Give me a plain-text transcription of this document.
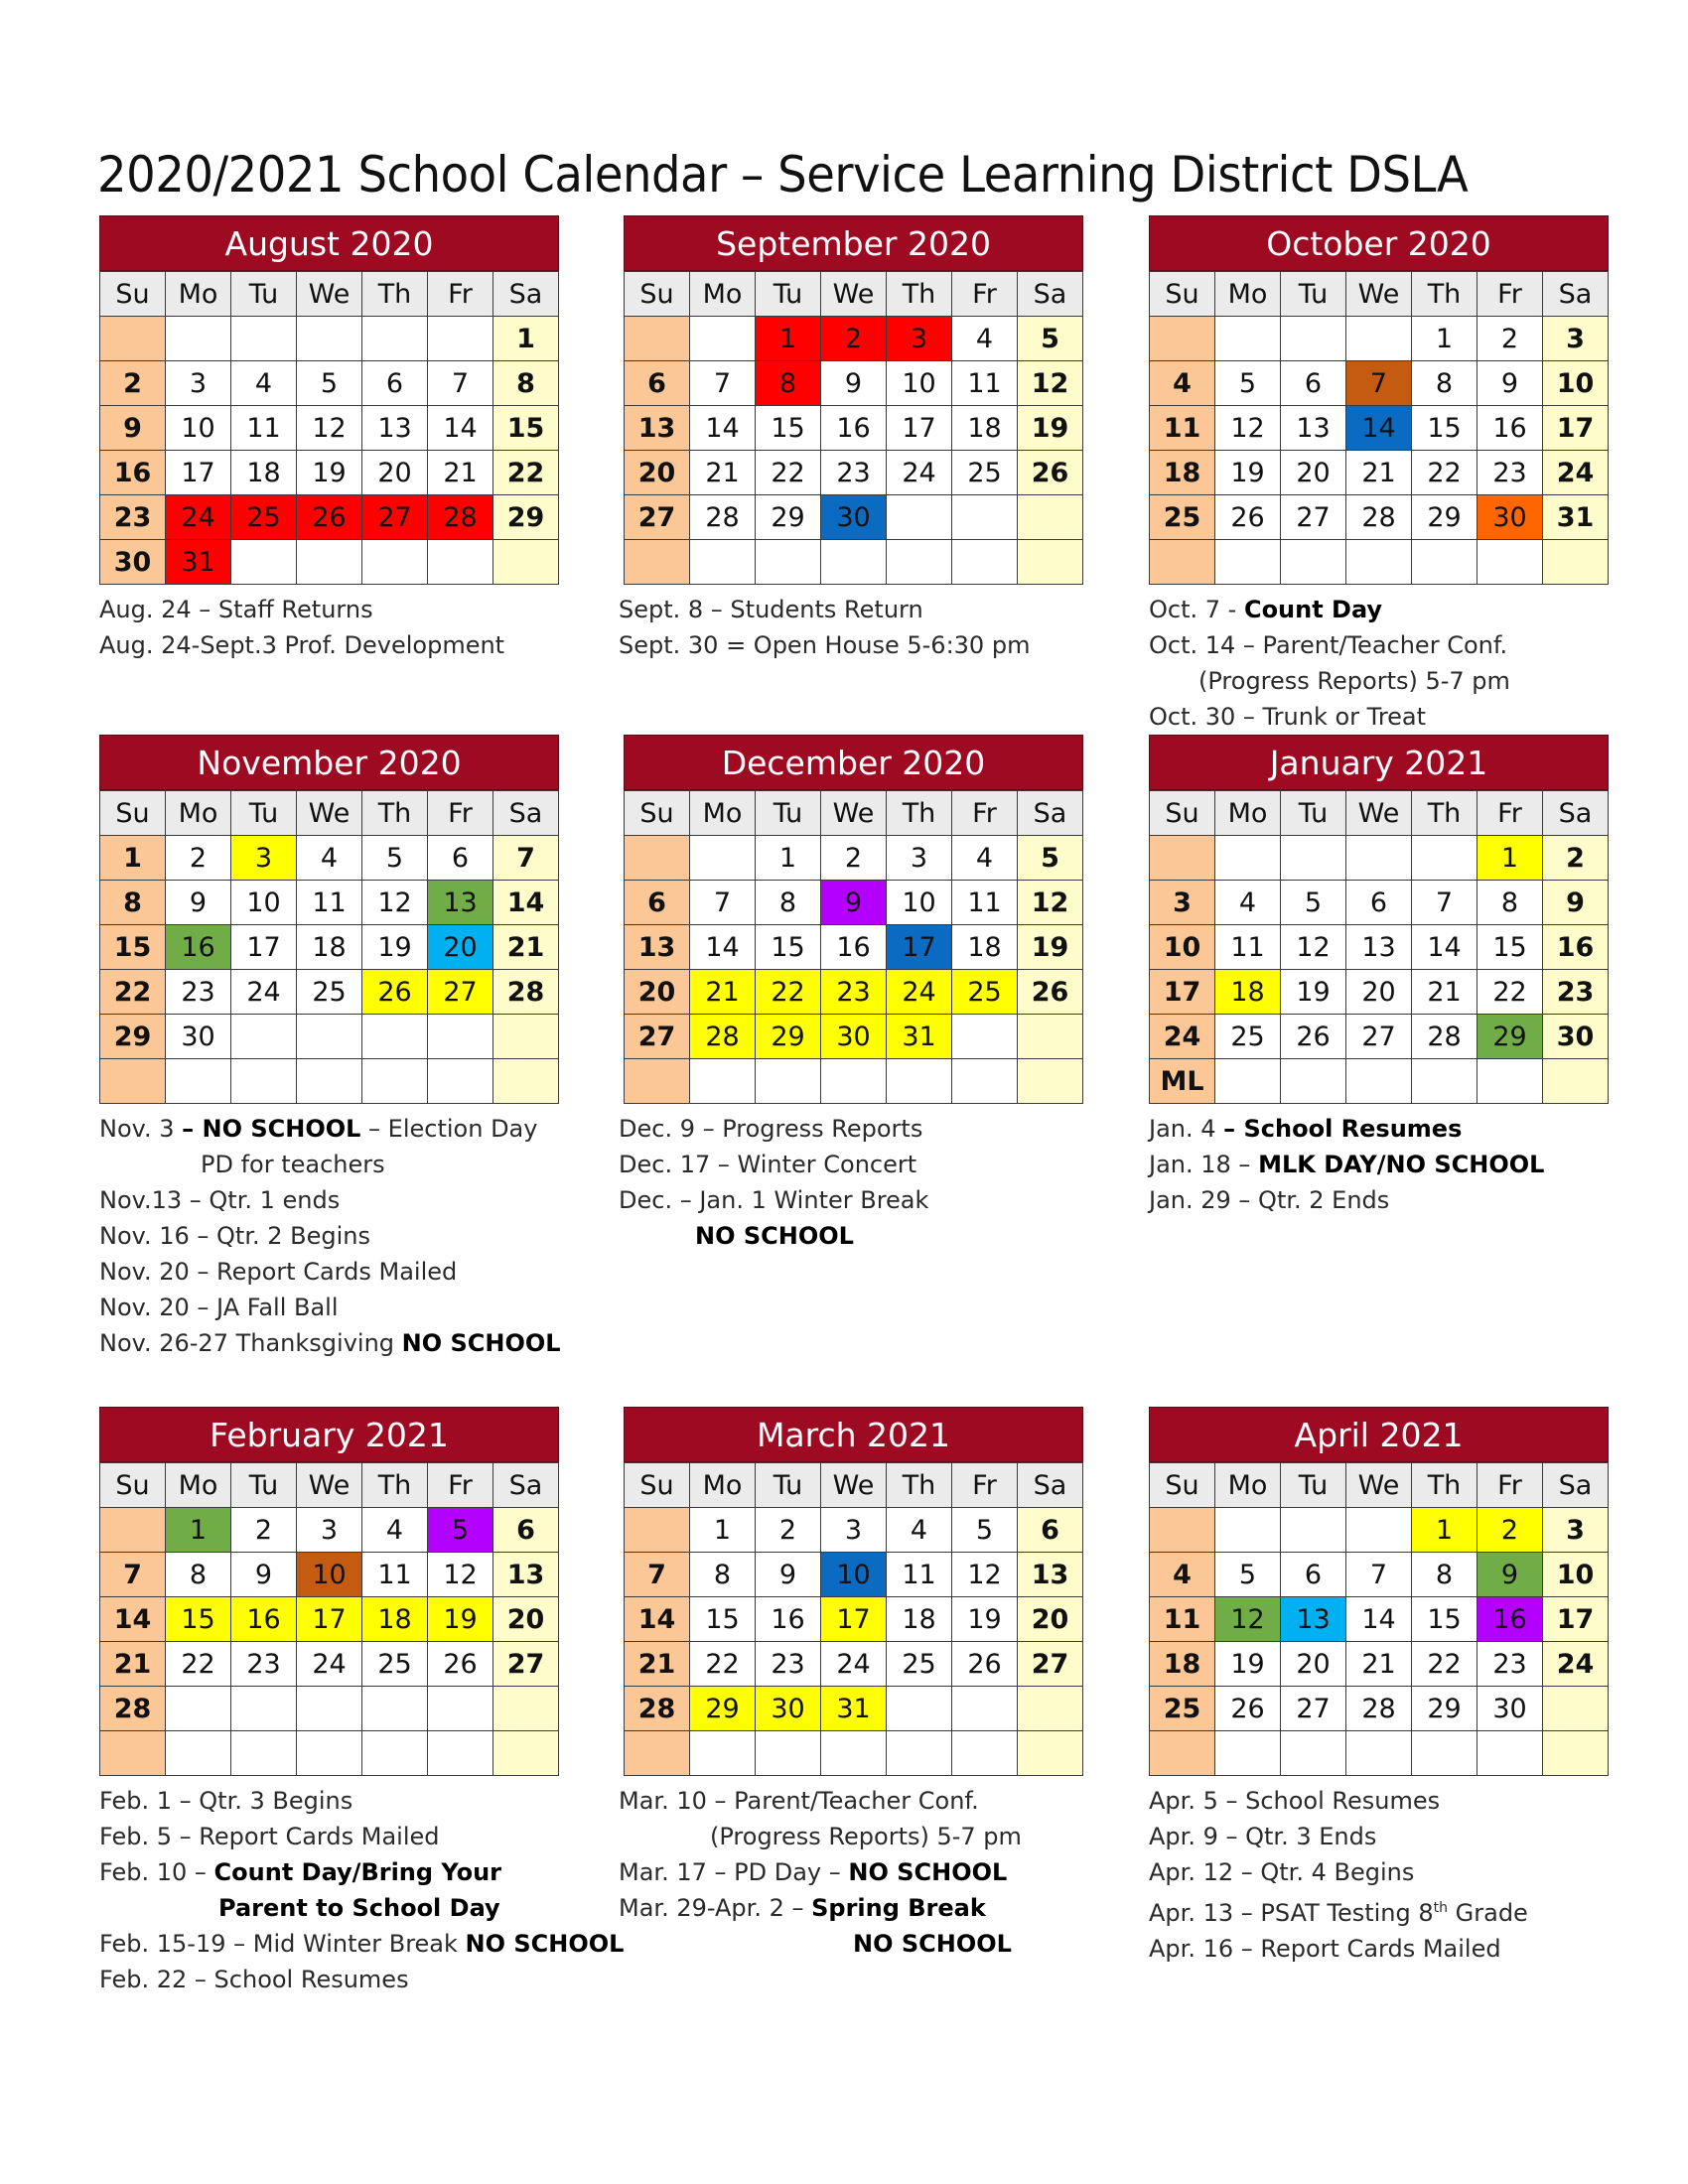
2020/2021 School Calendar – Service Learning District DSLA
August 2020
Su	Mo	Tu	We	Th	Fr	Sa
						1
2	3	4	5	6	7	8
9	10	11	12	13	14	15
16	17	18	19	20	21	22
23	24	25	26	27	28	29
30	31					
Aug. 24 – Staff Returns
Aug. 24-Sept.3 Prof. Development
September 2020
Su	Mo	Tu	We	Th	Fr	Sa
		1	2	3	4	5
6	7	8	9	10	11	12
13	14	15	16	17	18	19
20	21	22	23	24	25	26
27	28	29	30			

Sept. 8 – Students Return
Sept. 30 = Open House 5-6:30 pm
October 2020
Su	Mo	Tu	We	Th	Fr	Sa
				1	2	3
4	5	6	7	8	9	10
11	12	13	14	15	16	17
18	19	20	21	22	23	24
25	26	27	28	29	30	31

Oct. 7 - Count Day
Oct. 14 – Parent/Teacher Conf.
(Progress Reports) 5-7 pm
Oct. 30 – Trunk or Treat
November 2020
Su	Mo	Tu	We	Th	Fr	Sa
1	2	3	4	5	6	7
8	9	10	11	12	13	14
15	16	17	18	19	20	21
22	23	24	25	26	27	28
29	30					

Nov. 3 – NO SCHOOL – Election Day
PD for teachers
Nov.13 – Qtr. 1 ends
Nov. 16 – Qtr. 2 Begins
Nov. 20 – Report Cards Mailed
Nov. 20 – JA Fall Ball
Nov. 26-27 Thanksgiving NO SCHOOL
December 2020
Su	Mo	Tu	We	Th	Fr	Sa
		1	2	3	4	5
6	7	8	9	10	11	12
13	14	15	16	17	18	19
20	21	22	23	24	25	26
27	28	29	30	31		

Dec. 9 – Progress Reports
Dec. 17 – Winter Concert
Dec. – Jan. 1 Winter Break
NO SCHOOL
January 2021
Su	Mo	Tu	We	Th	Fr	Sa
					1	2
3	4	5	6	7	8	9
10	11	12	13	14	15	16
17	18	19	20	21	22	23
24	25	26	27	28	29	30
ML						
Jan. 4 – School Resumes
Jan. 18 – MLK DAY/NO SCHOOL
Jan. 29 – Qtr. 2 Ends
February 2021
Su	Mo	Tu	We	Th	Fr	Sa
	1	2	3	4	5	6
7	8	9	10	11	12	13
14	15	16	17	18	19	20
21	22	23	24	25	26	27
28						

Feb. 1 – Qtr. 3 Begins
Feb. 5 – Report Cards Mailed
Feb. 10 – Count Day/Bring Your
Parent to School Day
Feb. 15-19 – Mid Winter Break NO SCHOOL
Feb. 22 – School Resumes
March 2021
Su	Mo	Tu	We	Th	Fr	Sa
	1	2	3	4	5	6
7	8	9	10	11	12	13
14	15	16	17	18	19	20
21	22	23	24	25	26	27
28	29	30	31			

Mar. 10 – Parent/Teacher Conf.
(Progress Reports) 5-7 pm
Mar. 17 – PD Day – NO SCHOOL
Mar. 29-Apr. 2 – Spring Break
NO SCHOOL
April 2021
Su	Mo	Tu	We	Th	Fr	Sa
				1	2	3
4	5	6	7	8	9	10
11	12	13	14	15	16	17
18	19	20	21	22	23	24
25	26	27	28	29	30	

Apr. 5 – School Resumes
Apr. 9 – Qtr. 3 Ends
Apr. 12 – Qtr. 4 Begins
Apr. 13 – PSAT Testing 8th Grade
Apr. 16 – Report Cards Mailed
